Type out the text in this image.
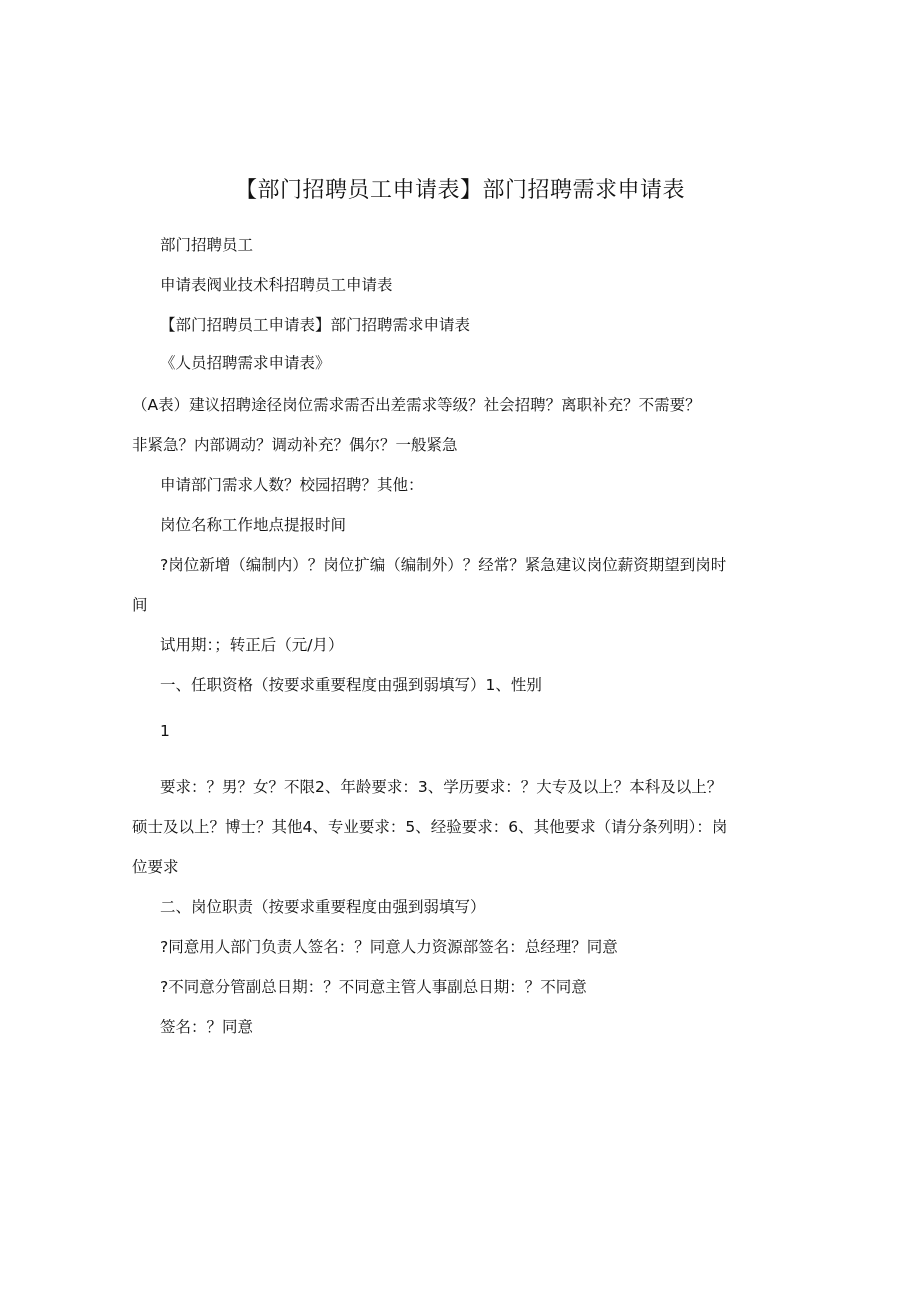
【部门招聘员工申请表】部门招聘需求申请表

部门招聘员工

申请表阀业技术科招聘员工申请表

【部门招聘员工申请表】部门招聘需求申请表

《人员招聘需求申请表》

（A表）建议招聘途径岗位需求需否出差需求等级？社会招聘？离职补充？不需要？

非紧急？内部调动？调动补充？偶尔？一般紧急

申请部门需求人数？校园招聘？其他：

岗位名称工作地点提报时间

?岗位新增（编制内）？岗位扩编（编制外）？经常？紧急建议岗位薪资期望到岗时

间

试用期：；转正后（元/月）

一、任职资格（按要求重要程度由强到弱填写）1、性别

1

要求：？男？女？不限2、年龄要求：3、学历要求：？大专及以上？本科及以上？

硕士及以上？博士？其他4、专业要求：5、经验要求：6、其他要求（请分条列明）：岗

位要求

二、岗位职责（按要求重要程度由强到弱填写）

?同意用人部门负责人签名：？同意人力资源部签名：总经理？同意

?不同意分管副总日期：？不同意主管人事副总日期：？不同意

签名：？同意
